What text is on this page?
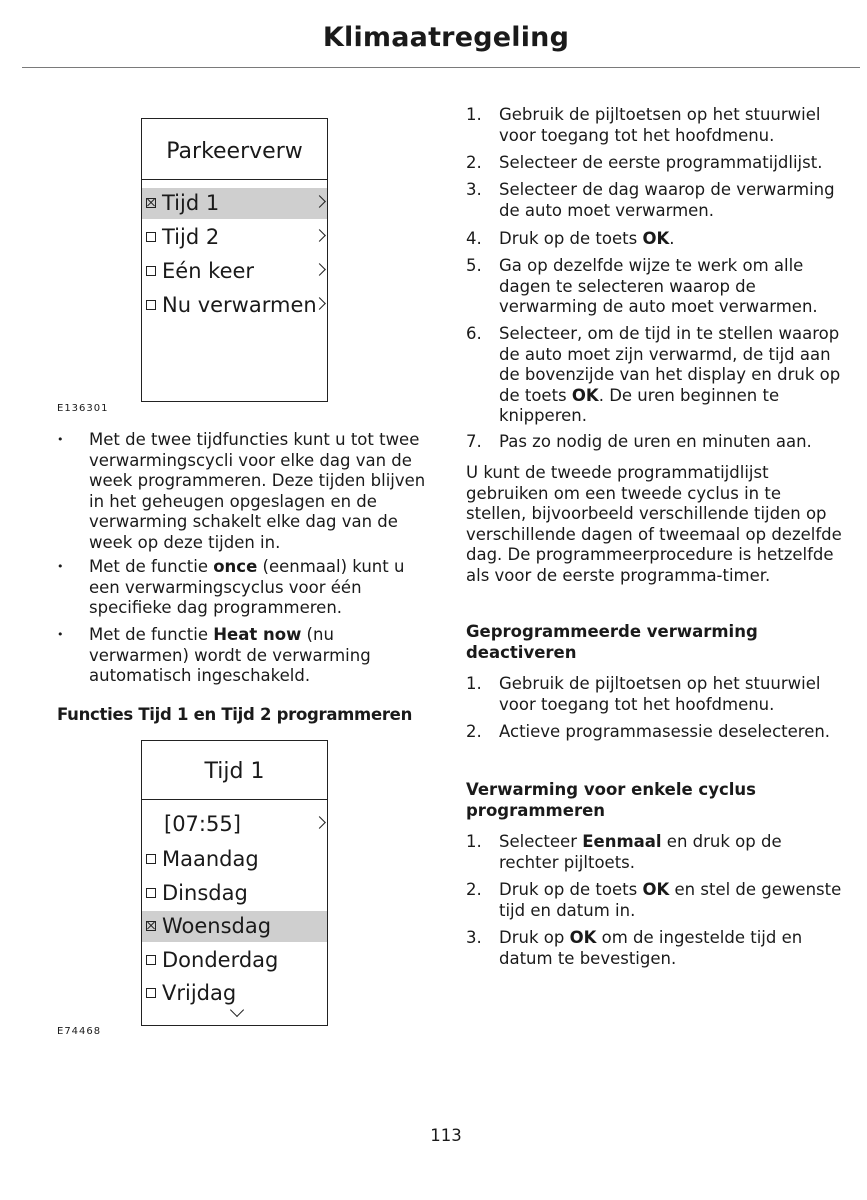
Klimaatregeling
Parkeerverw
Tijd 1
Tijd 2
Eén keer
Nu verwarmen
E136301
• Met de twee tijdfuncties kunt u tot twee verwarmingscycli voor elke dag van de week programmeren. Deze tijden blijven in het geheugen opgeslagen en de verwarming schakelt elke dag van de week op deze tijden in.
• Met de functie once (eenmaal) kunt u een verwarmingscyclus voor één specifieke dag programmeren.
• Met de functie Heat now (nu verwarmen) wordt de verwarming automatisch ingeschakeld.
Functies Tijd 1 en Tijd 2 programmeren
Tijd 1
[07:55]
Maandag
Dinsdag
Woensdag
Donderdag
Vrijdag
E74468
1. Gebruik de pijltoetsen op het stuurwiel voor toegang tot het hoofdmenu.
2. Selecteer de eerste programmatijdlijst.
3. Selecteer de dag waarop de verwarming de auto moet verwarmen.
4. Druk op de toets OK.
5. Ga op dezelfde wijze te werk om alle dagen te selecteren waarop de verwarming de auto moet verwarmen.
6. Selecteer, om de tijd in te stellen waarop de auto moet zijn verwarmd, de tijd aan de bovenzijde van het display en druk op de toets OK. De uren beginnen te knipperen.
7. Pas zo nodig de uren en minuten aan.
U kunt de tweede programmatijdlijst gebruiken om een tweede cyclus in te stellen, bijvoorbeeld verschillende tijden op verschillende dagen of tweemaal op dezelfde dag. De programmeerprocedure is hetzelfde als voor de eerste programma-timer.
Geprogrammeerde verwarming deactiveren
1. Gebruik de pijltoetsen op het stuurwiel voor toegang tot het hoofdmenu.
2. Actieve programmasessie deselecteren.
Verwarming voor enkele cyclus programmeren
1. Selecteer Eenmaal en druk op de rechter pijltoets.
2. Druk op de toets OK en stel de gewenste tijd en datum in.
3. Druk op OK om de ingestelde tijd en datum te bevestigen.
113
